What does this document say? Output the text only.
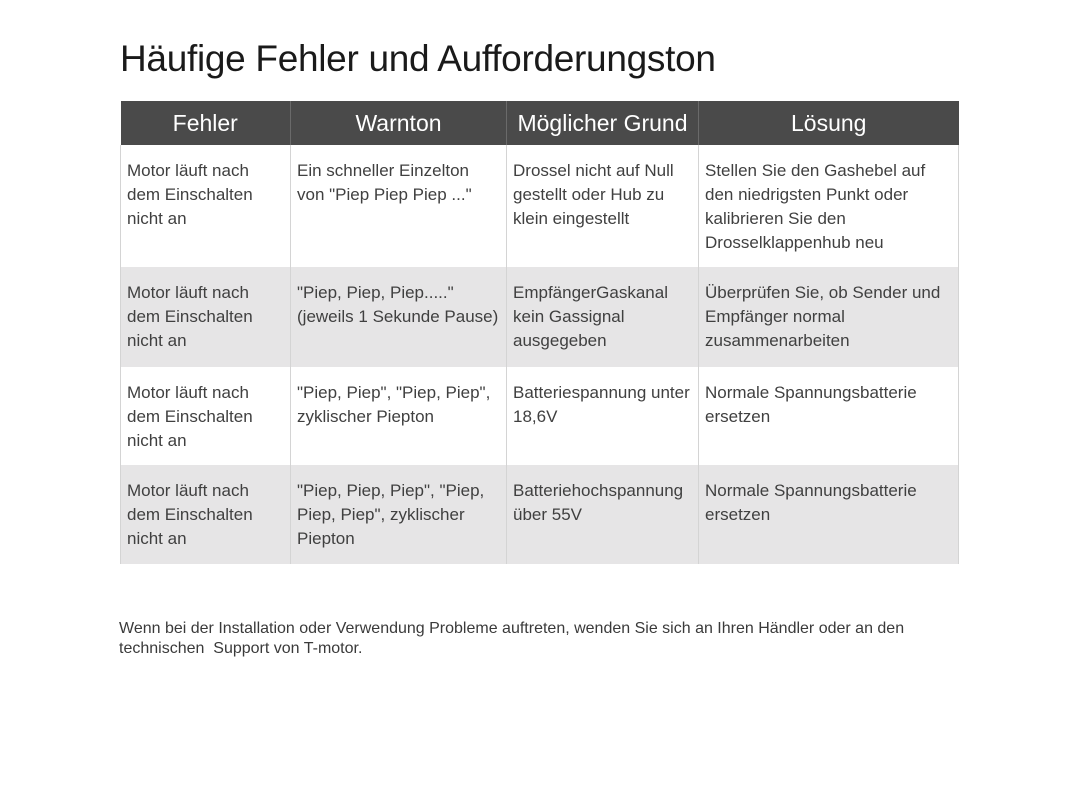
Häufige Fehler und Aufforderungston
Fehler	Warnton	Möglicher Grund	Lösung
Motor läuft nach dem Einschalten nicht an	Ein schneller Einzelton von "Piep Piep Piep ..."	Drossel nicht auf Null gestellt oder Hub zu klein eingestellt	Stellen Sie den Gashebel auf den niedrigsten Punkt oder kalibrieren Sie den Drosselklappenhub neu
Motor läuft nach dem Einschalten nicht an	"Piep, Piep, Piep....." (jeweils 1 Sekunde Pause)	EmpfängerGaskanal kein Gassignal ausgegeben	Überprüfen Sie, ob Sender und Empfänger normal zusammenarbeiten
Motor läuft nach dem Einschalten nicht an	"Piep, Piep", "Piep, Piep", zyklischer Piepton	Batteriespannung unter 18,6V	Normale Spannungsbatterie ersetzen
Motor läuft nach dem Einschalten nicht an	"Piep, Piep, Piep", "Piep, Piep, Piep", zyklischer Piepton	Batteriehochspannung über 55V	Normale Spannungsbatterie ersetzen

Wenn bei der Installation oder Verwendung Probleme auftreten, wenden Sie sich an Ihren Händler oder an den technischen  Support von T-motor.
